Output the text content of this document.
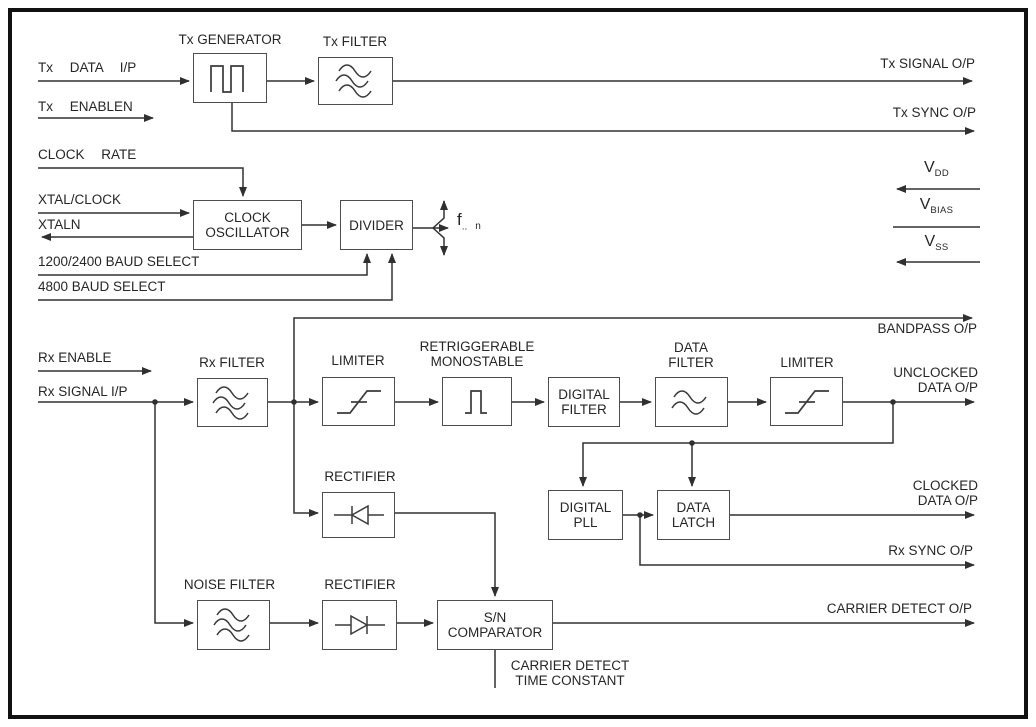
Tx GENERATOR	Tx FILTER
Tx DATA I/P
Tx ENABLEN
Tx SIGNAL O/P
Tx SYNC O/P
CLOCK RATE
XTAL/CLOCK
XTALN
1200/2400 BAUD SELECT
4800 BAUD SELECT
CLOCK
OSCILLATOR	DIVIDER	$f_{..}$ $_n$
$V_{DD}$
$V_{BIAS}$
$V_{SS}$
Rx ENABLE
Rx SIGNAL I/P
Rx FILTER	LIMITER
RETRIGGERABLE
MONOSTABLE
DATA
FILTER	LIMITER
BANDPASS O/P
UNCLOCKED
DATA O/P
DIGITAL
FILTER
RECTIFIER
CLOCKED
DATA O/P
Rx SYNC O/P
DIGITAL
PLL
DATA
LATCH
NOISE FILTER	RECTIFIER
CARRIER DETECT O/P
CARRIER DETECT
TIME CONSTANT
S/N
COMPARATOR
